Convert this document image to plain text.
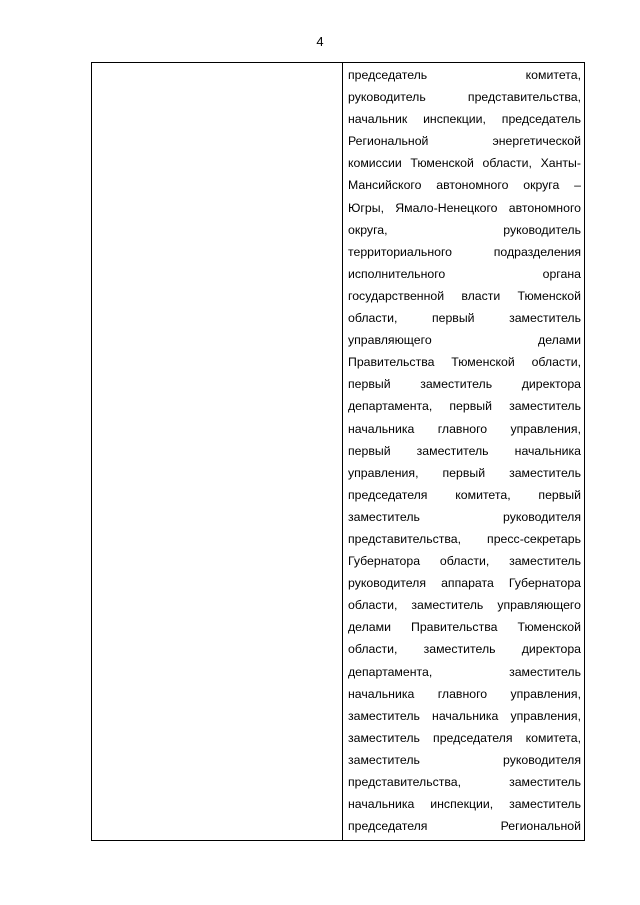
4
председатель комитета,
руководитель представительства,
начальник инспекции, председатель
Региональной энергетической
комиссии Тюменской области, Ханты-
Мансийского автономного округа –
Югры, Ямало-Ненецкого автономного
округа, руководитель
территориального подразделения
исполнительного органа
государственной власти Тюменской
области, первый заместитель
управляющего делами
Правительства Тюменской области,
первый заместитель директора
департамента, первый заместитель
начальника главного управления,
первый заместитель начальника
управления, первый заместитель
председателя комитета, первый
заместитель руководителя
представительства, пресс-секретарь
Губернатора области, заместитель
руководителя аппарата Губернатора
области, заместитель управляющего
делами Правительства Тюменской
области, заместитель директора
департамента, заместитель
начальника главного управления,
заместитель начальника управления,
заместитель председателя комитета,
заместитель руководителя
представительства, заместитель
начальника инспекции, заместитель
председателя Региональной
